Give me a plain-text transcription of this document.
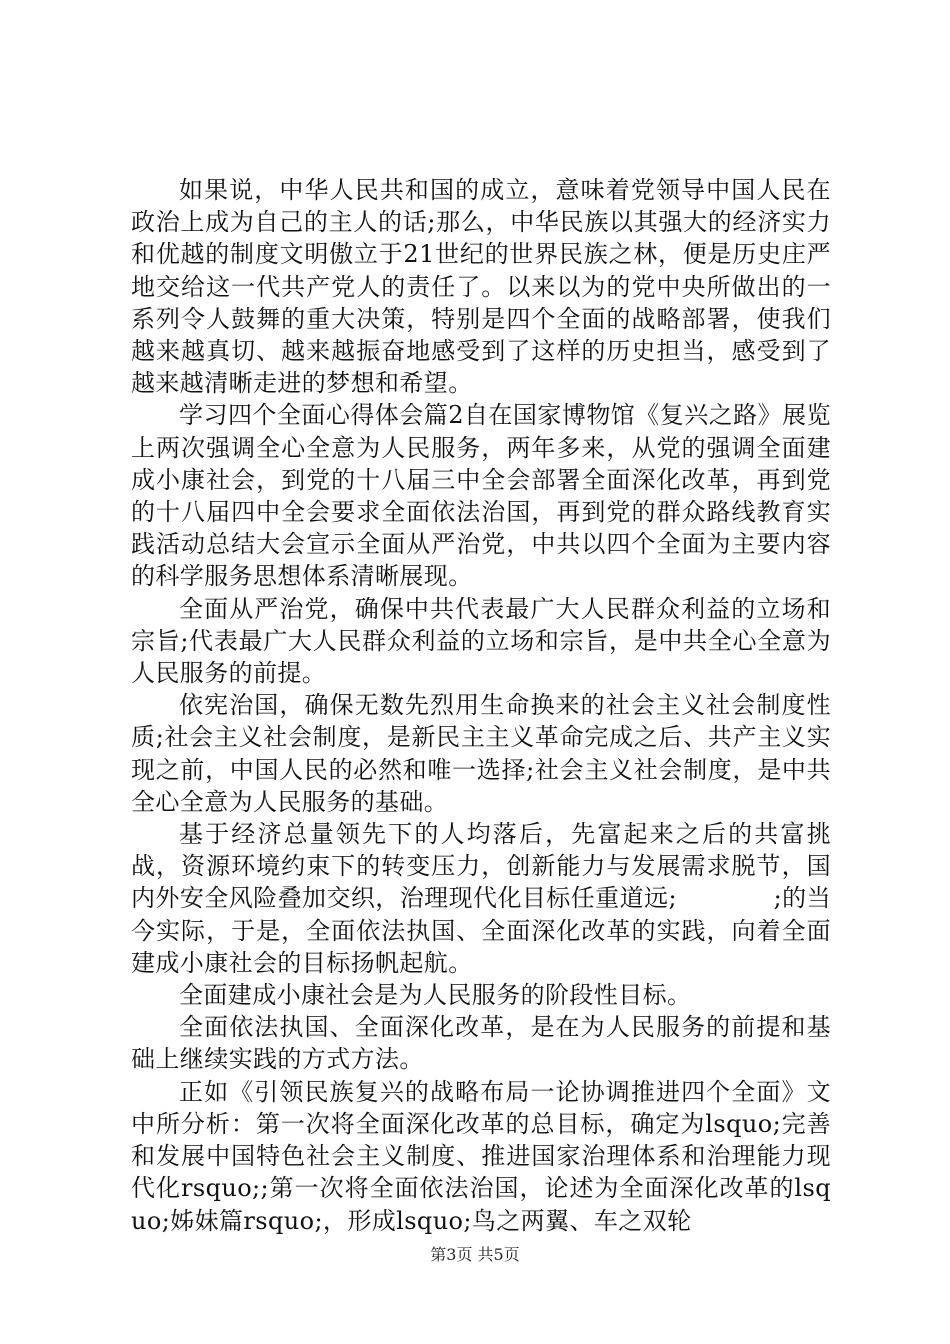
如果说，中华人民共和国的成立，意味着党领导中国人民在政治上成为自己的主人的话;那么，中华民族以其强大的经济实力和优越的制度文明傲立于21世纪的世界民族之林，便是历史庄严地交给这一代共产党人的责任了。以来以为的党中央所做出的一系列令人鼓舞的重大决策，特别是四个全面的战略部署，使我们越来越真切、越来越振奋地感受到了这样的历史担当，感受到了越来越清晰走进的梦想和希望。

学习四个全面心得体会篇2自在国家博物馆《复兴之路》展览上两次强调全心全意为人民服务，两年多来，从党的强调全面建成小康社会，到党的十八届三中全会部署全面深化改革，再到党的十八届四中全会要求全面依法治国，再到党的群众路线教育实践活动总结大会宣示全面从严治党，中共以四个全面为主要内容的科学服务思想体系清晰展现。

全面从严治党，确保中共代表最广大人民群众利益的立场和宗旨;代表最广大人民群众利益的立场和宗旨，是中共全心全意为人民服务的前提。

依宪治国，确保无数先烈用生命换来的社会主义社会制度性质;社会主义社会制度，是新民主主义革命完成之后、共产主义实现之前，中国人民的必然和唯一选择;社会主义社会制度，是中共全心全意为人民服务的基础。

基于经济总量领先下的人均落后，先富起来之后的共富挑战，资源环境约束下的转变压力，创新能力与发展需求脱节，国内外安全风险叠加交织，治理现代化目标任重道远;            ;的当今实际，于是，全面依法执国、全面深化改革的实践，向着全面建成小康社会的目标扬帆起航。

全面建成小康社会是为人民服务的阶段性目标。

全面依法执国、全面深化改革，是在为人民服务的前提和基础上继续实践的方式方法。

正如《引领民族复兴的战略布局一论协调推进四个全面》文中所分析：第一次将全面深化改革的总目标，确定为lsquo;完善和发展中国特色社会主义制度、推进国家治理体系和治理能力现代化rsquo;;第一次将全面依法治国，论述为全面深化改革的lsquo;姊妹篇rsquo;，形成lsquo;鸟之两翼、车之双轮

第3页 共5页
